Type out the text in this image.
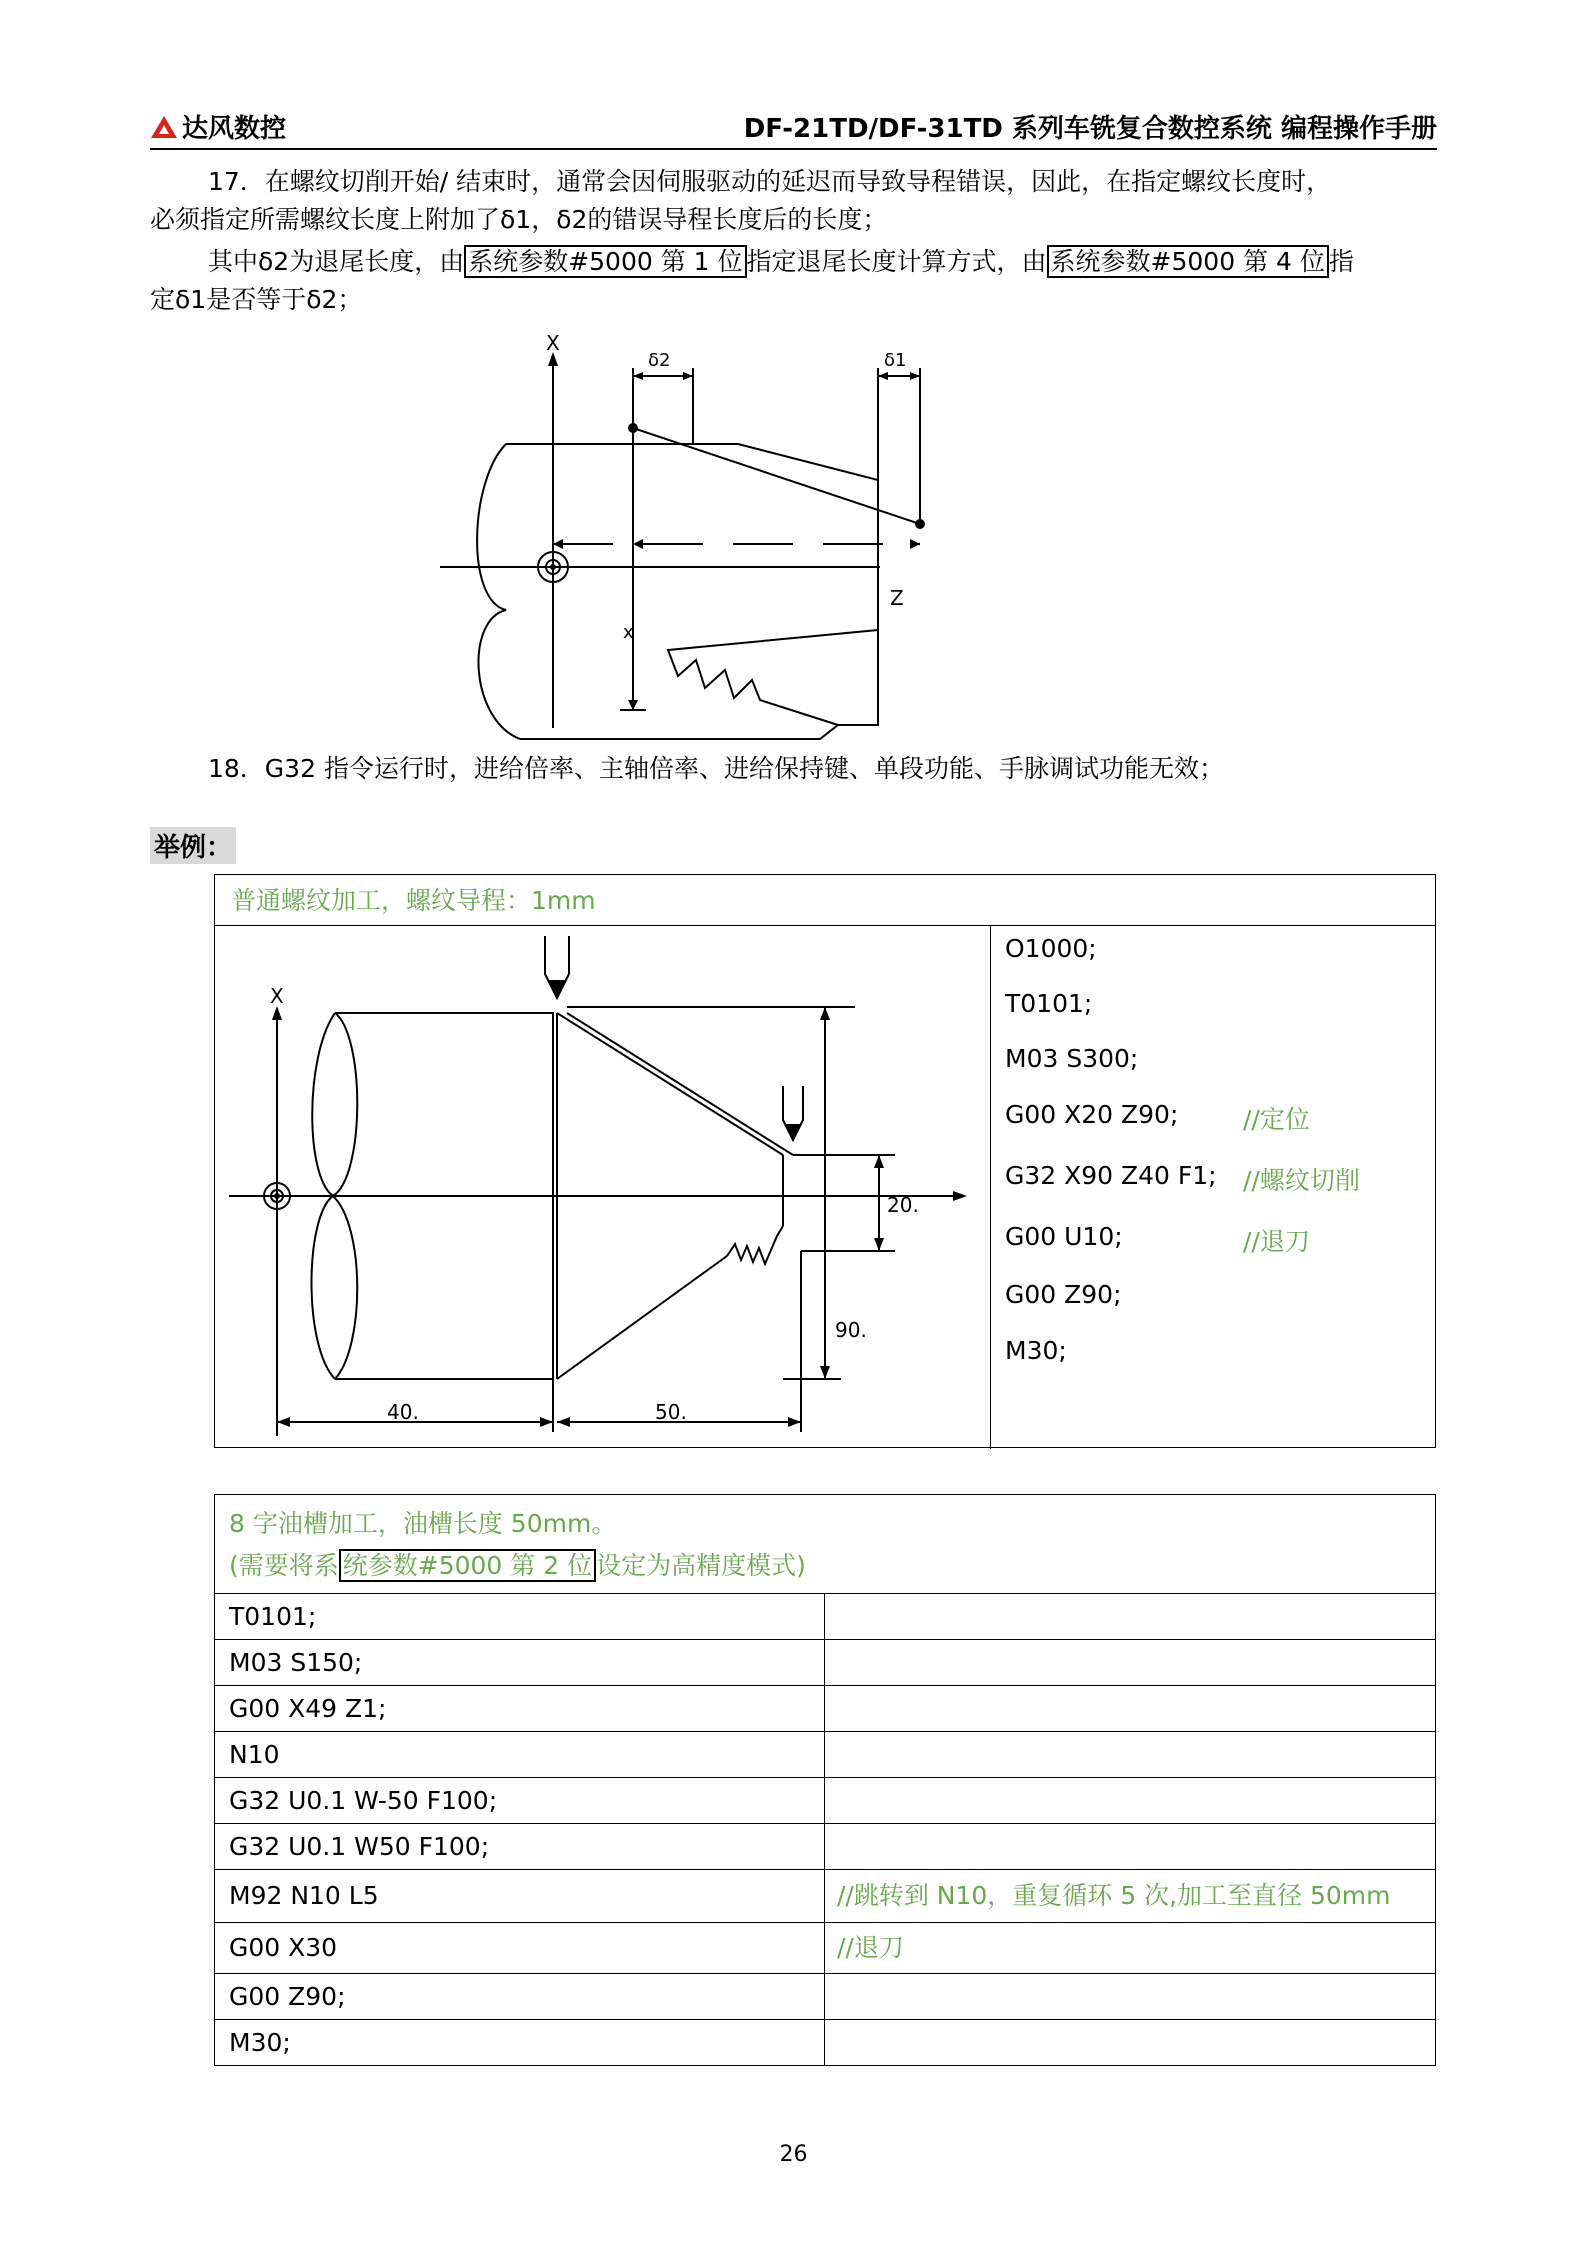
达风数控	DF-21TD/DF-31TD 系列车铣复合数控系统 编程操作手册
17．在螺纹切削开始/ 结束时，通常会因伺服驱动的延迟而导致导程错误，因此，在指定螺纹长度时，
必须指定所需螺纹长度上附加了δ1，δ2的错误导程长度后的长度；
其中δ2为退尾长度，由 系统参数#5000 第 1 位 指定退尾长度计算方式，由 系统参数#5000 第 4 位 指
定δ1是否等于δ2；
X
Z
δ2	δ1
x
18．G32 指令运行时，进给倍率、主轴倍率、进给保持键、单段功能、手脉调试功能无效；
举例：
普通螺纹加工，螺纹导程：1mm
X
20.
90.
40.	50.
O1000;
T0101;
M03 S300;
G00 X20 Z90;	//定位
G32 X90 Z40 F1; //螺纹切削
G00 U10;	//退刀
G00 Z90;
M30;
8 字油槽加工，油槽长度 50mm。
(需要将系 统参数#5000 第 2 位 设定为高精度模式)
T0101;
M03 S150;
G00 X49 Z1;
N10
G32 U0.1 W-50 F100;
G32 U0.1 W50 F100;
M92 N10 L5	//跳转到 N10，重复循环 5 次,加工至直径 50mm
G00 X30	//退刀
G00 Z90;
M30;
26
